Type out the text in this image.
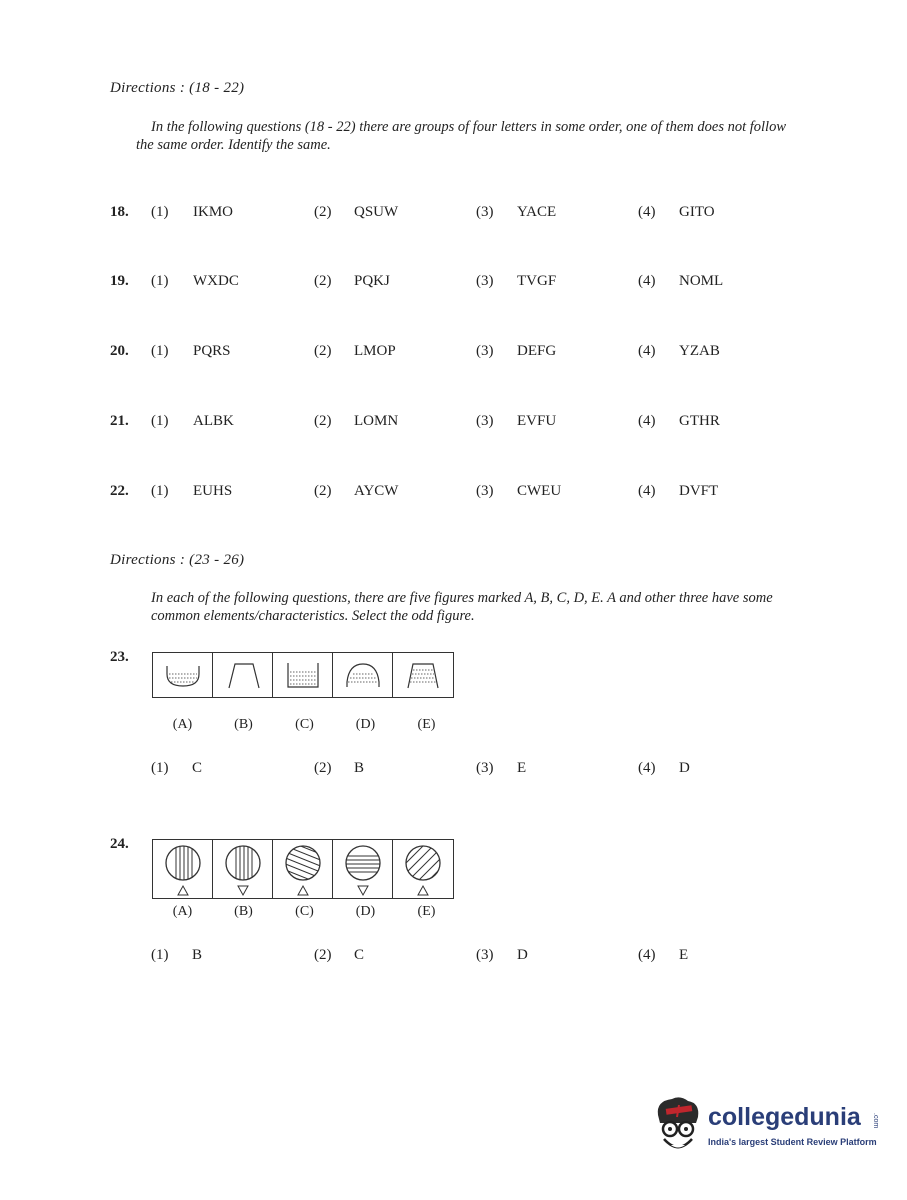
Directions : (18 - 22)
In the following questions (18 - 22) there are groups of four letters in some order, one of them does not follow the same order. Identify the same.
18. (1) IKMO	(2) QSUW	(3) YACE	(4) GITO
19. (1) WXDC	(2) PQKJ	(3) TVGF	(4) NOML
20. (1) PQRS	(2) LMOP	(3) DEFG	(4) YZAB
21. (1) ALBK	(2) LOMN	(3) EVFU	(4) GTHR
22. (1) EUHS	(2) AYCW	(3) CWEU	(4) DVFT
Directions : (23 - 26)
In each of the following questions, there are five figures marked A, B, C, D, E. A and other three have some common elements/characteristics. Select the odd figure.
23.
(A)	(B)	(C)	(D)	(E)
(1) C	(2) B	(3) E	(4) D
24.
(A)	(B)	(C)	(D)	(E)
(1) B	(2) C	(3) D	(4) E
collegedunia .com
India's largest Student Review Platform
